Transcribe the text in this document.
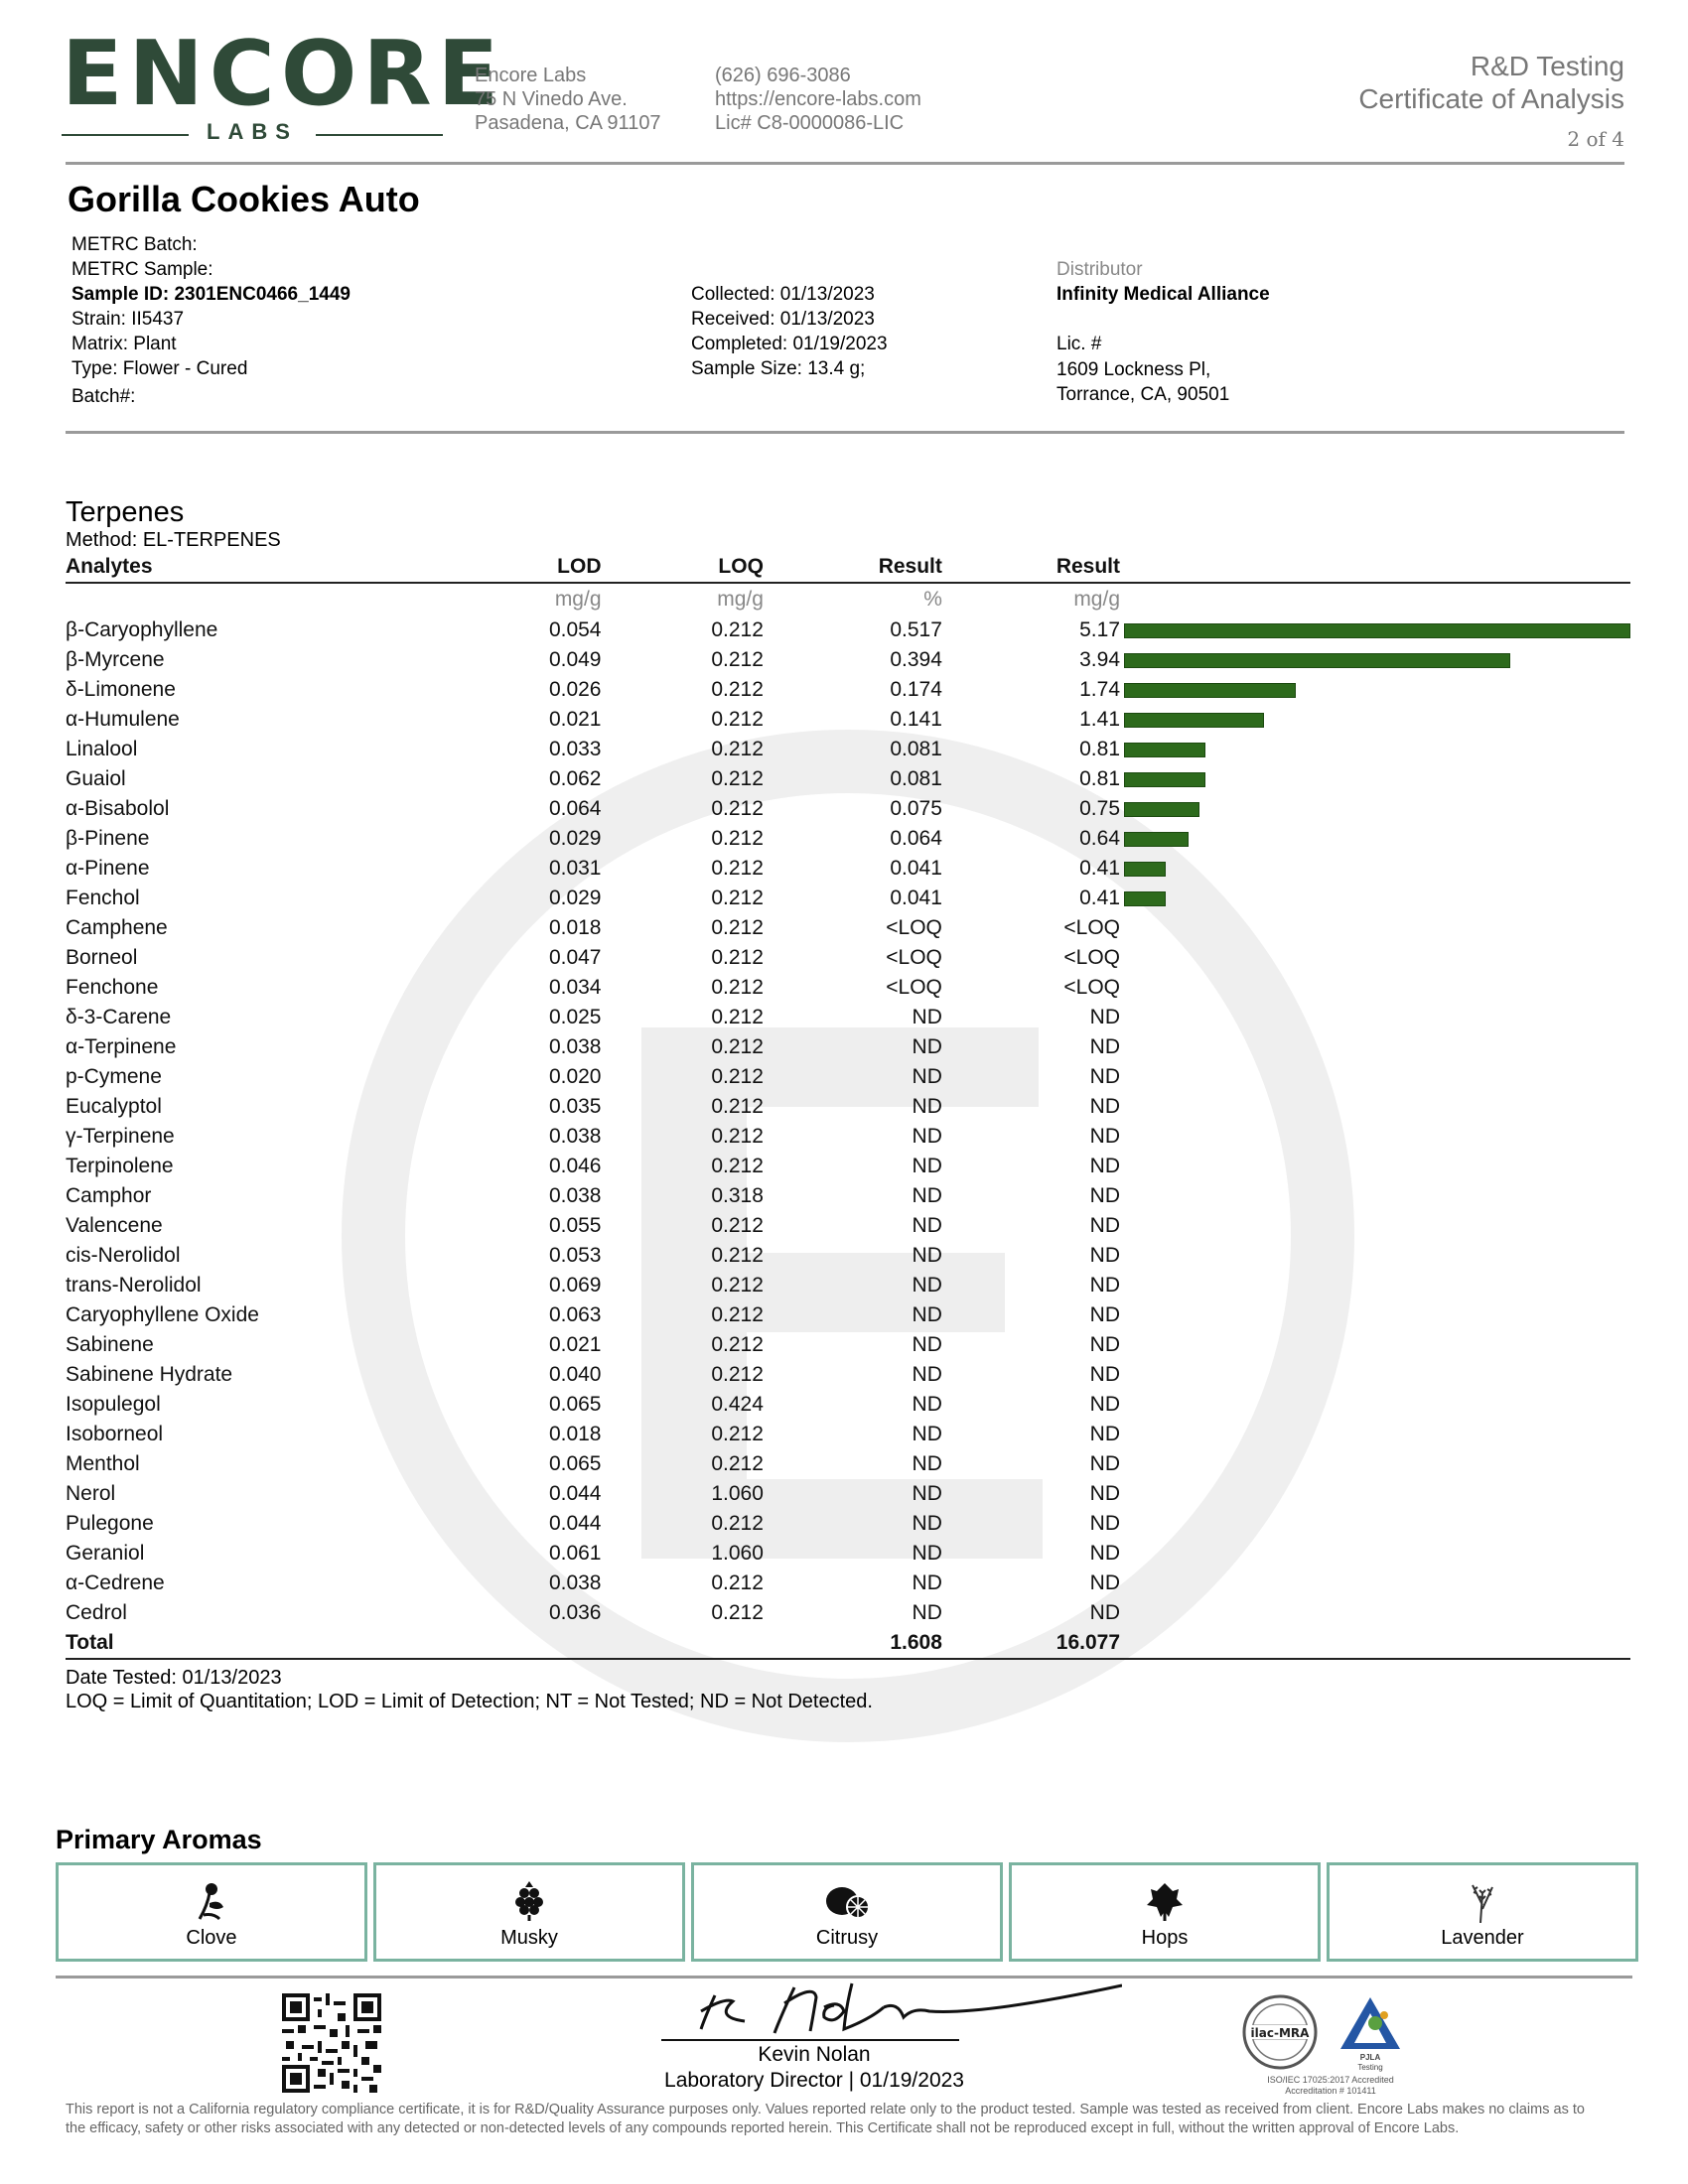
ENCORE
LABS
Encore Labs
75 N Vinedo Ave.
Pasadena, CA 91107
(626) 696-3086
https://encore-labs.com
Lic# C8-0000086-LIC
R&D Testing
Certificate of Analysis
2 of 4
Gorilla Cookies Auto
METRC Batch:
METRC Sample:
Sample ID: 2301ENC0466_1449
Strain: II5437
Matrix: Plant
Type: Flower - Cured
Batch#:
Collected: 01/13/2023
Received: 01/13/2023
Completed: 01/19/2023
Sample Size: 13.4 g;
Distributor
Infinity Medical Alliance
Lic. #
1609 Lockness Pl,
Torrance, CA, 90501
Terpenes
Method: EL-TERPENES
Analytes	LOD	LOQ	Result	Result	
	mg/g	mg/g	%	mg/g	
β-Caryophyllene	0.054	0.212	0.517	5.17	
β-Myrcene	0.049	0.212	0.394	3.94	
δ-Limonene	0.026	0.212	0.174	1.74	
α-Humulene	0.021	0.212	0.141	1.41	
Linalool	0.033	0.212	0.081	0.81	
Guaiol	0.062	0.212	0.081	0.81	
α-Bisabolol	0.064	0.212	0.075	0.75	
β-Pinene	0.029	0.212	0.064	0.64	
α-Pinene	0.031	0.212	0.041	0.41	
Fenchol	0.029	0.212	0.041	0.41	
Camphene	0.018	0.212	<LOQ	<LOQ	
Borneol	0.047	0.212	<LOQ	<LOQ	
Fenchone	0.034	0.212	<LOQ	<LOQ	
δ-3-Carene	0.025	0.212	ND	ND	
α-Terpinene	0.038	0.212	ND	ND	
p-Cymene	0.020	0.212	ND	ND	
Eucalyptol	0.035	0.212	ND	ND	
γ-Terpinene	0.038	0.212	ND	ND	
Terpinolene	0.046	0.212	ND	ND	
Camphor	0.038	0.318	ND	ND	
Valencene	0.055	0.212	ND	ND	
cis-Nerolidol	0.053	0.212	ND	ND	
trans-Nerolidol	0.069	0.212	ND	ND	
Caryophyllene Oxide	0.063	0.212	ND	ND	
Sabinene	0.021	0.212	ND	ND	
Sabinene Hydrate	0.040	0.212	ND	ND	
Isopulegol	0.065	0.424	ND	ND	
Isoborneol	0.018	0.212	ND	ND	
Menthol	0.065	0.212	ND	ND	
Nerol	0.044	1.060	ND	ND	
Pulegone	0.044	0.212	ND	ND	
Geraniol	0.061	1.060	ND	ND	
α-Cedrene	0.038	0.212	ND	ND	
Cedrol	0.036	0.212	ND	ND	
Total			1.608	16.077	
Date Tested: 01/13/2023
LOQ = Limit of Quantitation; LOD = Limit of Detection; NT = Not Tested; ND = Not Detected.
Primary Aromas
Clove	Musky	Citrusy	Hops	Lavender
Kevin Nolan
Laboratory Director | 01/19/2023
ilac-MRA
PJLA
Testing
ISO/IEC 17025:2017 Accredited
Accreditation # 101411
This report is not a California regulatory compliance certificate, it is for R&D/Quality Assurance purposes only. Values reported relate only to the product tested. Sample was tested as received from client. Encore Labs makes no claims as to the efficacy, safety or other risks associated with any detected or non-detected levels of any compounds reported herein. This Certificate shall not be reproduced except in full, without the written approval of Encore Labs.
